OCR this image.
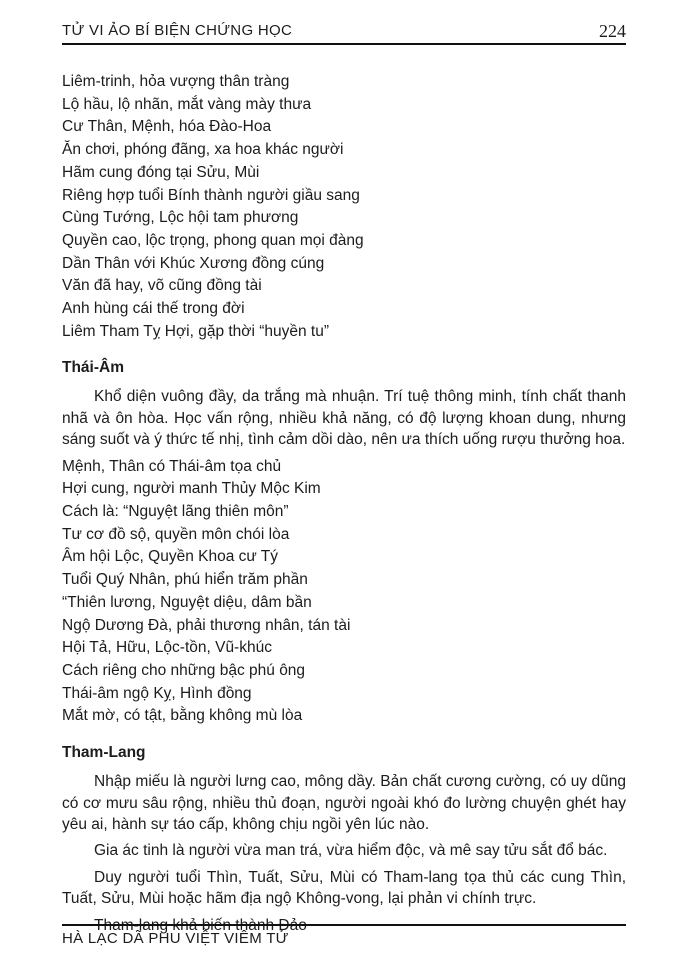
TỬ VI ẢO BÍ BIỆN CHỨNG HỌC	224

Liêm-trinh, hỏa vượng thân tràng

Lộ hầu, lộ nhãn, mắt vàng mày thưa

Cư Thân, Mệnh, hóa Đào-Hoa

Ăn chơi, phóng đãng, xa hoa khác người

Hãm cung đóng tại Sửu, Mùi

Riêng hợp tuổi Bính thành người giầu sang

Cùng Tướng, Lộc hội tam phương

Quyền cao, lộc trọng, phong quan mọi đàng

Dần Thân với Khúc Xương đồng cúng

Văn đã hay, võ cũng đồng tài

Anh hùng cái thế trong đời

Liêm Tham Tỵ Hợi, gặp thời “huyền tu”

Thái-Âm

Khổ diện vuông đầy, da trắng mà nhuận. Trí tuệ thông minh, tính chất thanh nhã và ôn hòa. Học vấn rộng, nhiều khả năng, có độ lượng khoan dung, nhưng sáng suốt và ý thức tế nhị, tình cảm dồi dào, nên ưa thích uống rượu thưởng hoa.

Mệnh, Thân có Thái-âm tọa chủ

Hợi cung, người manh Thủy Mộc Kim

Cách là: “Nguyệt lãng thiên môn”

Tư cơ đồ sộ, quyền môn chói lòa

Âm hội Lộc, Quyền Khoa cư Tý

Tuổi Quý Nhân, phú hiển trăm phần

“Thiên lương, Nguyệt diệu, dâm bần

Ngộ Dương Đà, phải thương nhân, tán tài

Hội Tả, Hữu, Lộc-tồn, Vũ-khúc

Cách riêng cho những bậc phú ông

Thái-âm ngộ Kỵ, Hình đồng

Mắt mờ, có tật, bằng không mù lòa

Tham-Lang

Nhập miếu là người lưng cao, mông dầy. Bản chất cương cường, có uy dũng có cơ mưu sâu rộng, nhiều thủ đoạn, người ngoài khó đo lường chuyện ghét hay yêu ai, hành sự táo cấp, không chịu ngồi yên lúc nào.

Gia ác tinh là người vừa man trá, vừa hiểm độc, và mê say tửu sắt đổ bác.

Duy người tuổi Thìn, Tuất, Sửu, Mùi có Tham-lang tọa thủ các cung Thìn, Tuất, Sửu, Mùi hoặc hãm địa ngộ Không-vong, lại phản vi chính trực.

Tham-lang khả biến thành Đảo

HÀ LẠC DÃ PHU VIỆT VIÊM TỬ
